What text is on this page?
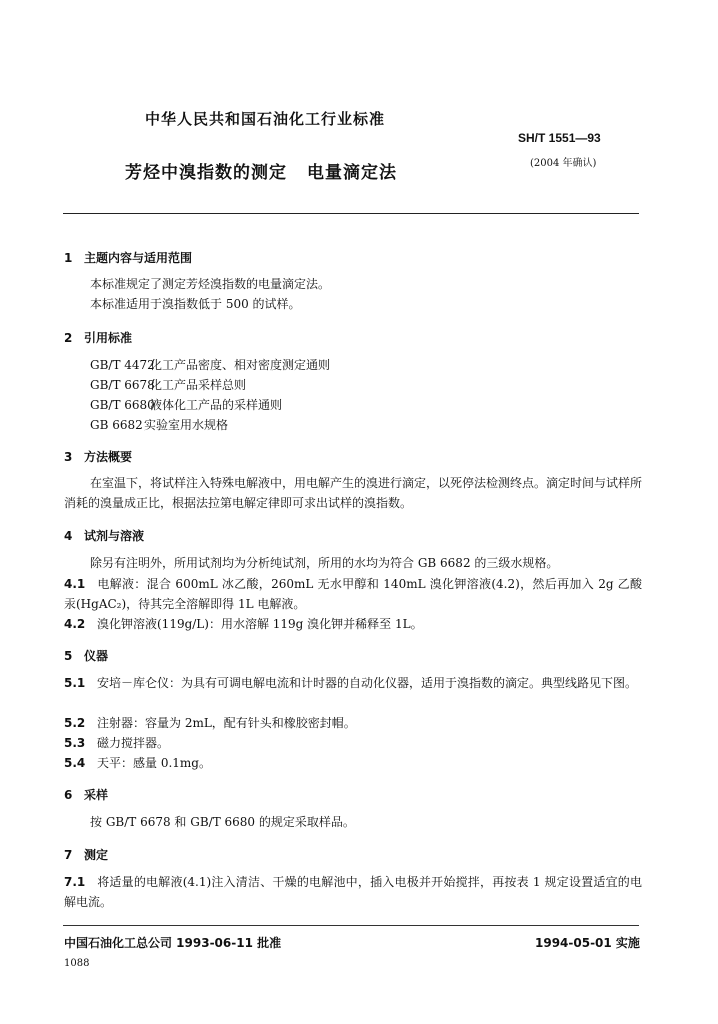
中华人民共和国石油化工行业标准
SH/T 1551—93
芳烃中溴指数的测定 电量滴定法	(2004 年确认)
1 主题内容与适用范围
本标准规定了测定芳烃溴指数的电量滴定法。
本标准适用于溴指数低于 500 的试样。
2 引用标准
GB/T 4472化工产品密度、相对密度测定通则
GB/T 6678化工产品采样总则
GB/T 6680液体化工产品的采样通则
GB 6682实验室用水规格
3 方法概要
在室温下，将试样注入特殊电解液中，用电解产生的溴进行滴定，以死停法检测终点。滴定时间与试样所消耗的溴量成正比，根据法拉第电解定律即可求出试样的溴指数。
4 试剂与溶液
除另有注明外，所用试剂均为分析纯试剂，所用的水均为符合 GB 6682 的三级水规格。
4.1 电解液：混合 600mL 冰乙酸，260mL 无水甲醇和 140mL 溴化钾溶液(4.2)，然后再加入 2g 乙酸汞(HgAC₂)，待其完全溶解即得 1L 电解液。
4.2 溴化钾溶液(119g/L)：用水溶解 119g 溴化钾并稀释至 1L。
5 仪器
5.1 安培－库仑仪：为具有可调电解电流和计时器的自动化仪器，适用于溴指数的滴定。典型线路见下图。
5.2 注射器：容量为 2mL，配有针头和橡胶密封帽。
5.3 磁力搅拌器。
5.4 天平：感量 0.1mg。
6 采样
按 GB/T 6678 和 GB/T 6680 的规定采取样品。
7 测定
7.1 将适量的电解液(4.1)注入清洁、干燥的电解池中，插入电极并开始搅拌，再按表 1 规定设置适宜的电解电流。
中国石油化工总公司 1993-06-11 批准	1994-05-01 实施
1088
